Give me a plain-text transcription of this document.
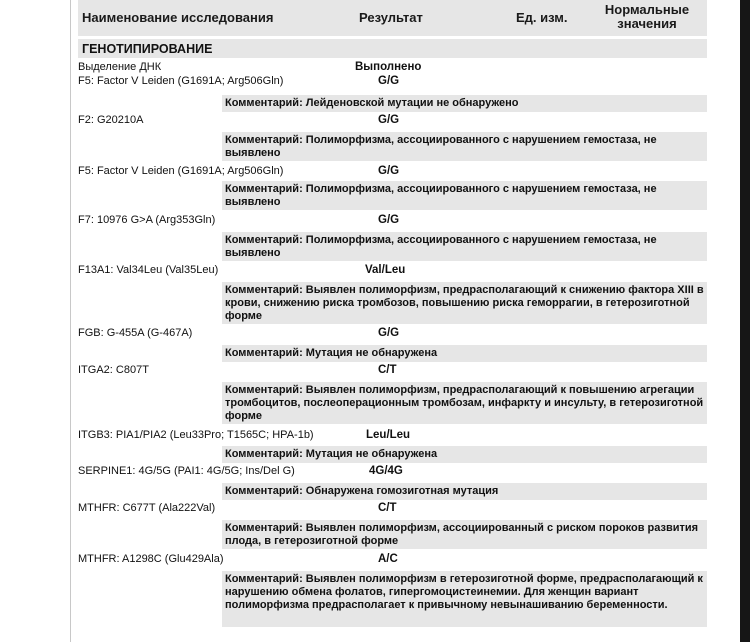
Наименование исследования	Результат	Ед. изм.
Нормальные значения
ГЕНОТИПИРОВАНИЕ
Выделение ДНК	Выполнено
F5: Factor V Leiden (G1691A; Arg506Gln)	G/G
Комментарий: Лейденовской мутации не обнаружено
F2: G20210A	G/G
Комментарий: Полиморфизма, ассоциированного с нарушением гемостаза, не выявлено
F5: Factor V Leiden (G1691A; Arg506Gln)	G/G
Комментарий: Полиморфизма, ассоциированного с нарушением гемостаза, не выявлено
F7: 10976 G>A (Arg353Gln)	G/G
Комментарий: Полиморфизма, ассоциированного с нарушением гемостаза, не выявлено
F13A1: Val34Leu (Val35Leu)	Val/Leu
Комментарий: Выявлен полиморфизм, предрасполагающий к снижению фактора XIII в крови, снижению риска тромбозов, повышению риска геморрагии, в гетерозиготной форме
FGB: G-455A (G-467A)	G/G
Комментарий: Мутация не обнаружена
ITGA2: C807T	C/T
Комментарий: Выявлен полиморфизм, предрасполагающий к повышению агрегации тромбоцитов, послеоперационным тромбозам, инфаркту и инсульту, в гетерозиготной форме
ITGB3: PIA1/PIA2 (Leu33Pro; T1565C; HPA-1b)	Leu/Leu
Комментарий: Мутация не обнаружена
SERPINE1: 4G/5G (PAI1: 4G/5G; Ins/Del G)	4G/4G
Комментарий: Обнаружена гомозиготная мутация
MTHFR: C677T (Ala222Val)	C/T
Комментарий: Выявлен полиморфизм, ассоциированный с риском пороков развития плода, в гетерозиготной форме
MTHFR: A1298C (Glu429Ala)	A/C
Комментарий: Выявлен полиморфизм в гетерозиготной форме, предрасполагающий к нарушению обмена фолатов, гипергомоцистеинемии. Для женщин вариант полиморфизма предрасполагает к привычному невынашиванию беременности.
